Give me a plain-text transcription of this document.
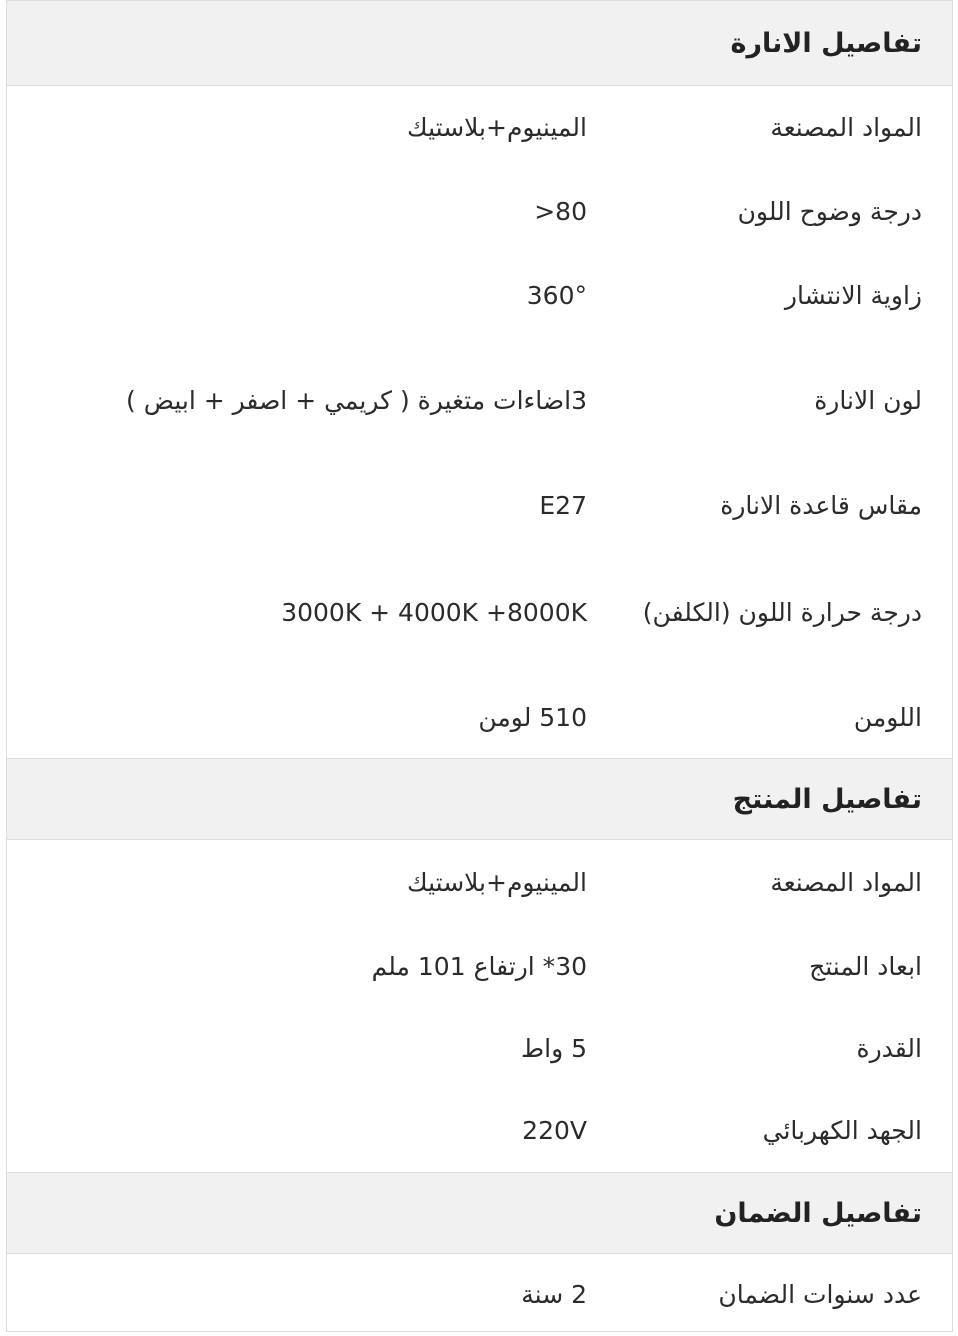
تفاصيل الانارة
المواد المصنعة
المينيوم+بلاستيك
درجة وضوح اللون
>80
زاوية الانتشار
360°
لون الانارة
3اضاءات متغيرة ( كريمي + اصفر + ابيض )
مقاس قاعدة الانارة
E27
درجة حرارة اللون (الكلفن)
3000K + 4000K +8000K
اللومن
510 لومن
تفاصيل المنتج
المواد المصنعة
المينيوم+بلاستيك
ابعاد المنتج
30* ارتفاع 101 ملم
القدرة
5 واط
الجهد الكهربائي
220V
تفاصيل الضمان
عدد سنوات الضمان
2 سنة
